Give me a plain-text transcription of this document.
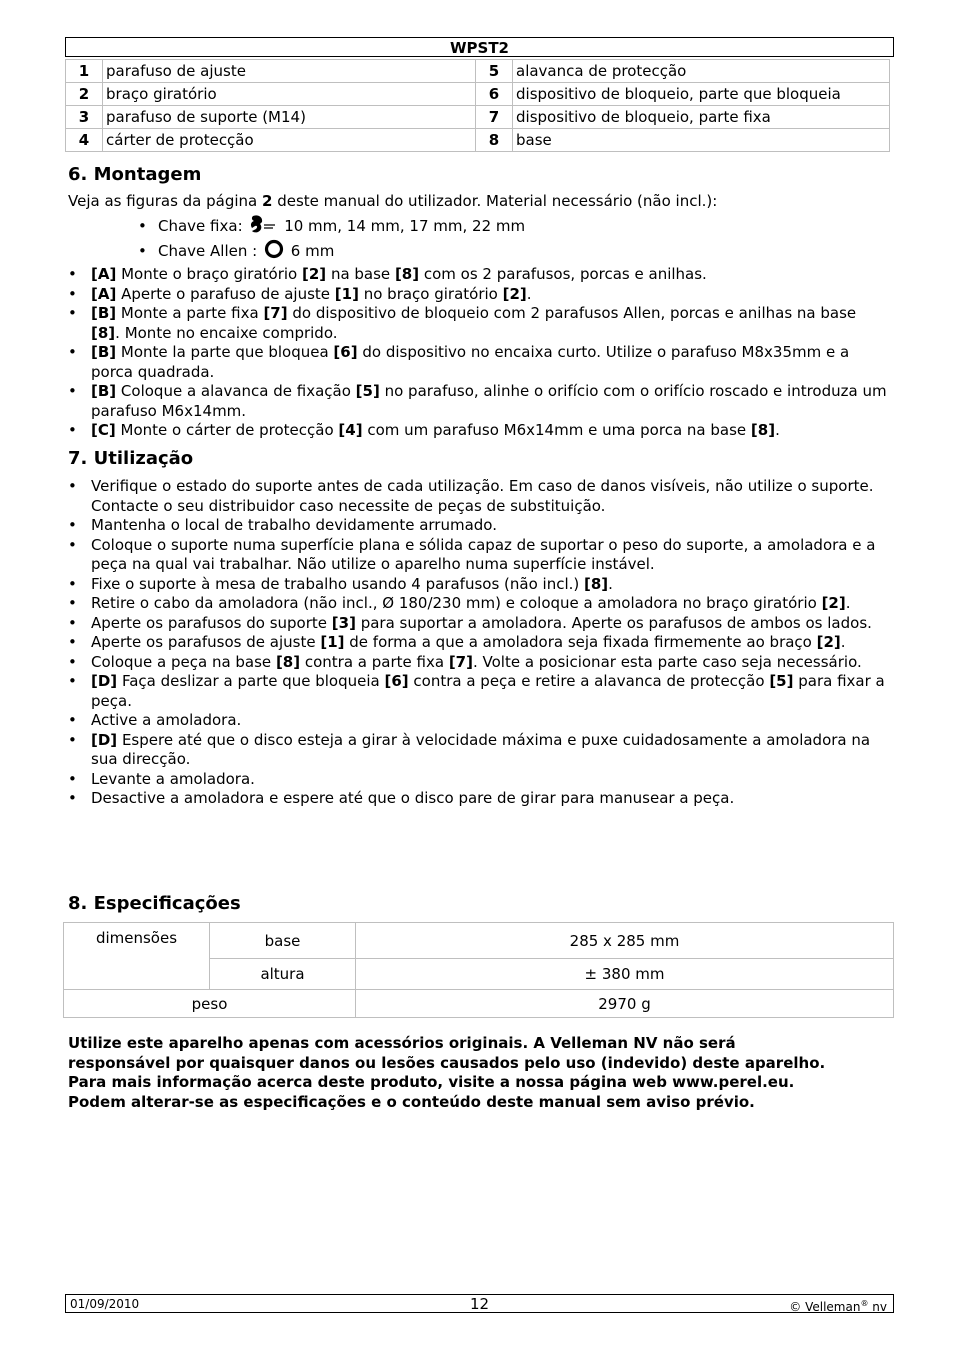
WPST2
1	parafuso de ajuste	5	alavanca de protecção
2	braço giratório	6	dispositivo de bloqueio, parte que bloqueia
3	parafuso de suporte (M14)	7	dispositivo de bloqueio, parte fixa
4	cárter de protecção	8	base
6. Montagem
Veja as figuras da página 2 deste manual do utilizador. Material necessário (não incl.):
• Chave fixa:	10 mm, 14 mm, 17 mm, 22 mm
• Chave Allen : 6 mm
• [A] Monte o braço giratório [2] na base [8] com os 2 parafusos, porcas e anilhas.
• [A] Aperte o parafuso de ajuste [1] no braço giratório [2].
• [B] Monte a parte fixa [7] do dispositivo de bloqueio com 2 parafusos Allen, porcas e anilhas na base [8]. Monte no encaixe comprido.
• [B] Monte la parte que bloquea [6] do dispositivo no encaixa curto. Utilize o parafuso M8x35mm e a porca quadrada.
• [B] Coloque a alavanca de fixação [5] no parafuso, alinhe o orifício com o orifício roscado e introduza um parafuso M6x14mm.
• [C] Monte o cárter de protecção [4] com um parafuso M6x14mm e uma porca na base [8].
7. Utilização
• Verifique o estado do suporte antes de cada utilização. Em caso de danos visíveis, não utilize o suporte. Contacte o seu distribuidor caso necessite de peças de substituição.
• Mantenha o local de trabalho devidamente arrumado.
• Coloque o suporte numa superfície plana e sólida capaz de suportar o peso do suporte, a amoladora e a peça na qual vai trabalhar. Não utilize o aparelho numa superfície instável.
• Fixe o suporte à mesa de trabalho usando 4 parafusos (não incl.) [8].
• Retire o cabo da amoladora (não incl., Ø 180/230 mm) e coloque a amoladora no braço giratório [2].
• Aperte os parafusos do suporte [3] para suportar a amoladora. Aperte os parafusos de ambos os lados.
• Aperte os parafusos de ajuste [1] de forma a que a amoladora seja fixada firmemente ao braço [2].
• Coloque a peça na base [8] contra a parte fixa [7]. Volte a posicionar esta parte caso seja necessário.
• [D] Faça deslizar a parte que bloqueia [6] contra a peça e retire a alavanca de protecção [5] para fixar a peça.
• Active a amoladora.
• [D] Espere até que o disco esteja a girar à velocidade máxima e puxe cuidadosamente a amoladora na sua direcção.
• Levante a amoladora.
• Desactive a amoladora e espere até que o disco pare de girar para manusear a peça.
8. Especificações
dimensões	base	285 x 285 mm
	altura	± 380 mm
peso		2970 g
Utilize este aparelho apenas com acessórios originais. A Velleman NV não será
responsável por quaisquer danos ou lesões causados pelo uso (indevido) deste aparelho.
Para mais informação acerca deste produto, visite a nossa página web www.perel.eu.
Podem alterar-se as especificações e o conteúdo deste manual sem aviso prévio.
01/09/2010	12	© Velleman® nv
